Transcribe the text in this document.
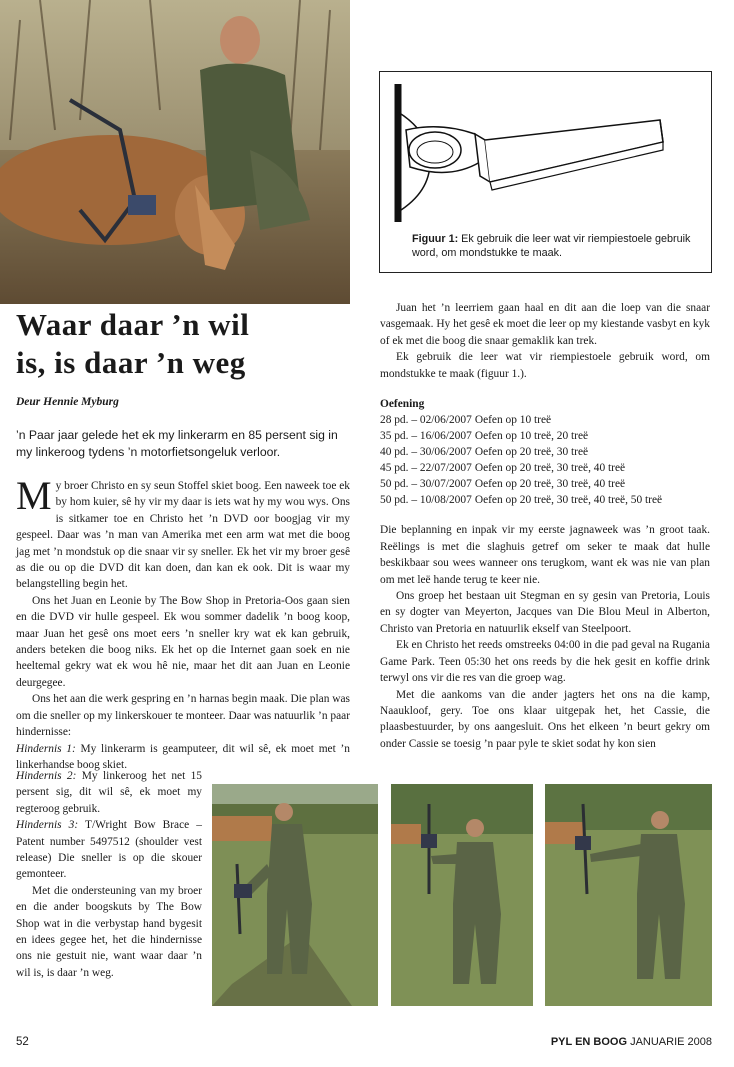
Figuur 1: Ek gebruik die leer wat vir riempiestoele gebruik word, om mondstukke te maak.
Waar daar ’n wil
is, is daar ’n weg
Deur Hennie Myburg
’n Paar jaar gelede het ek my linkerarm en 85 persent sig in my linkeroog tydens ’n motorfietsongeluk verloor.

My broer Christo en sy seun Stoffel skiet boog. Een naweek toe ek by hom kuier, sê hy vir my daar is iets wat hy my wou wys. Ons is sitkamer toe en Christo het ’n DVD oor boogjag vir my gespeel. Daar was ’n man van Amerika met een arm wat met die boog jag met ’n mondstuk op die snaar vir sy sneller. Ek het vir my broer gesê as die ou op die DVD dit kan doen, dan kan ek ook. Dit is waar my belangstelling begin het.

Ons het Juan en Leonie by The Bow Shop in Pretoria-Oos gaan sien en die DVD vir hulle gespeel. Ek wou sommer dadelik ’n boog koop, maar Juan het gesê ons moet eers ’n sneller kry wat ek kan gebruik, anders beteken die boog niks. Ek het op die Internet gaan soek en nie heeltemal gekry wat ek wou hê nie, maar het dit aan Juan en Leonie deurgegee.

Ons het aan die werk gespring en ’n harnas begin maak. Die plan was om die sneller op my linkerskouer te monteer. Daar was natuurlik ’n paar hindernisse:

Hindernis 1: My linkerarm is geamputeer, dit wil sê, ek moet met ’n linkerhandse boog skiet.

Hindernis 2: My linkeroog het net 15 persent sig, dit wil sê, ek moet my regteroog gebruik.

Hindernis 3: T/Wright Bow Brace – Patent number 5497512 (shoulder vest release) Die sneller is op die skouer gemonteer.

Met die ondersteuning van my broer en die ander boogskuts by The Bow Shop wat in die verbystap hand bygesit en idees gegee het, het die hindernisse ons nie gestuit nie, want waar daar ’n wil is, is daar ’n weg.

Juan het ’n leerriem gaan haal en dit aan die loep van die snaar vasgemaak. Hy het gesê ek moet die leer op my kiestande vasbyt en kyk of ek met die boog die snaar gemaklik kan trek.

Ek gebruik die leer wat vir riempiestoele gebruik word, om mondstukke te maak (figuur 1.).

Oefening

28 pd. – 02/06/2007 Oefen op 10 treë
35 pd. – 16/06/2007 Oefen op 10 treë, 20 treë
40 pd. – 30/06/2007 Oefen op 20 treë, 30 treë
45 pd. – 22/07/2007 Oefen op 20 treë, 30 treë, 40 treë
50 pd. – 30/07/2007 Oefen op 20 treë, 30 treë, 40 treë
50 pd. – 10/08/2007 Oefen op 20 treë, 30 treë, 40 treë, 50 treë

Die beplanning en inpak vir my eerste jagnaweek was ’n groot taak. Reëlings is met die slaghuis getref om seker te maak dat hulle beskikbaar sou wees wanneer ons terugkom, want ek was nie van plan om met leë hande terug te keer nie.

Ons groep het bestaan uit Stegman en sy gesin van Pretoria, Louis en sy dogter van Meyerton, Jacques van Die Blou Meul in Alberton, Christo van Pretoria en natuurlik ekself van Steelpoort.

Ek en Christo het reeds omstreeks 04:00 in die pad geval na Rugania Game Park. Teen 05:30 het ons reeds by die hek gesit en koffie drink terwyl ons vir die res van die groep wag.

Met die aankoms van die ander jagters het ons na die kamp, Naaukloof, gery. Toe ons klaar uitgepak het, het Cassie, die plaasbestuurder, by ons aangesluit. Ons het elkeen ’n beurt gekry om onder Cassie se toesig ’n paar pyle te skiet sodat hy kon sien

52	PYL EN BOOG JANUARIE 2008
